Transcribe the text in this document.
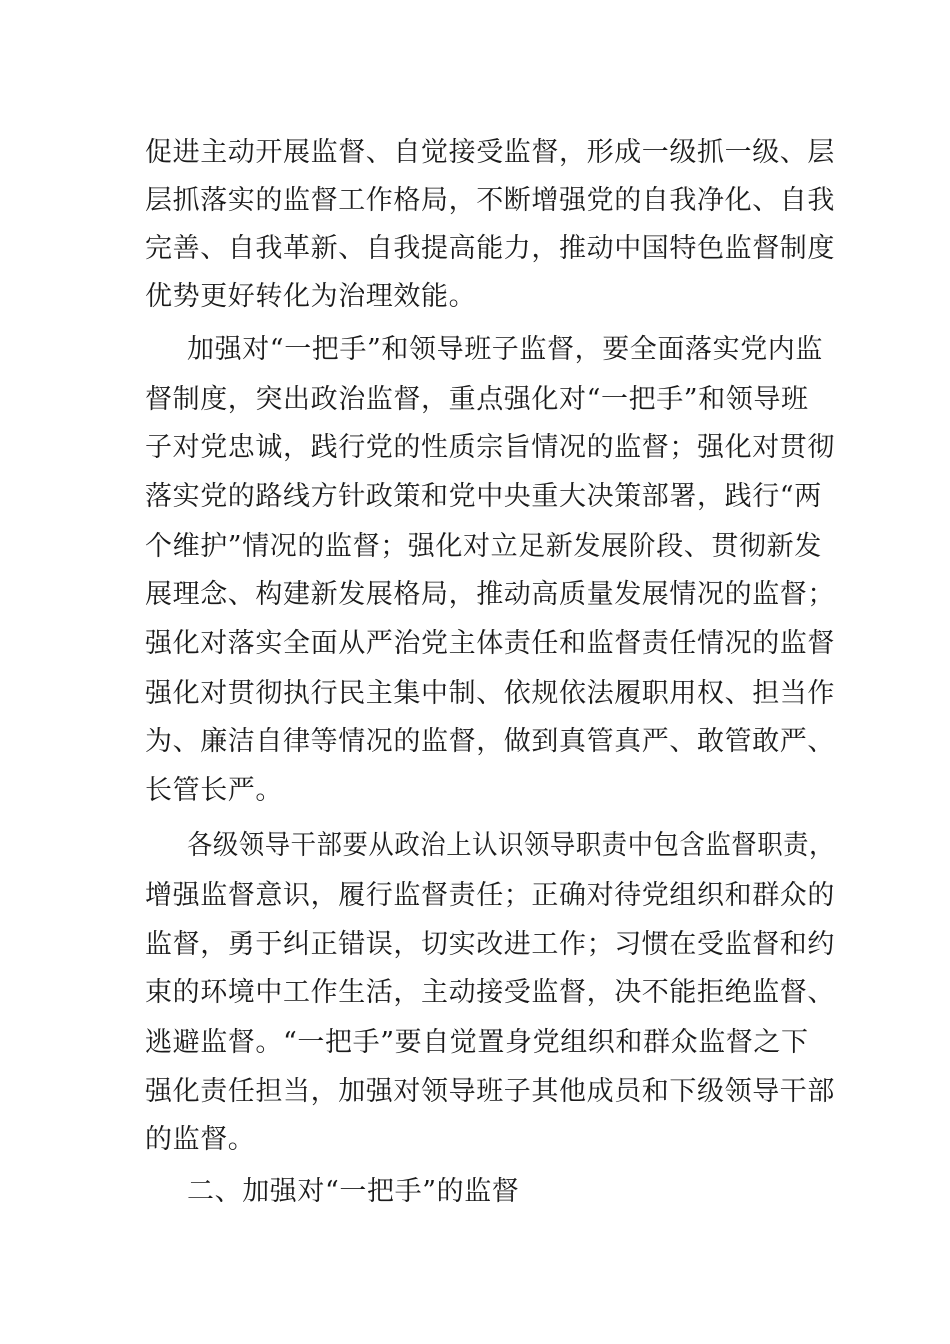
促进主动开展监督、自觉接受监督，形成一级抓一级、层
层抓落实的监督工作格局，不断增强党的自我净化、自我
完善、自我革新、自我提高能力，推动中国特色监督制度
优势更好转化为治理效能。
加强对“一把手”和领导班子监督，要全面落实党内监
督制度，突出政治监督，重点强化对“一把手”和领导班
子对党忠诚，践行党的性质宗旨情况的监督；强化对贯彻
落实党的路线方针政策和党中央重大决策部署，践行“两
个维护”情况的监督；强化对立足新发展阶段、贯彻新发
展理念、构建新发展格局，推动高质量发展情况的监督；
强化对落实全面从严治党主体责任和监督责任情况的监督
强化对贯彻执行民主集中制、依规依法履职用权、担当作
为、廉洁自律等情况的监督，做到真管真严、敢管敢严、
长管长严。
各级领导干部要从政治上认识领导职责中包含监督职责，
增强监督意识，履行监督责任；正确对待党组织和群众的
监督，勇于纠正错误，切实改进工作；习惯在受监督和约
束的环境中工作生活，主动接受监督，决不能拒绝监督、
逃避监督。“一把手”要自觉置身党组织和群众监督之下
强化责任担当，加强对领导班子其他成员和下级领导干部
的监督。
二、加强对“一把手”的监督
